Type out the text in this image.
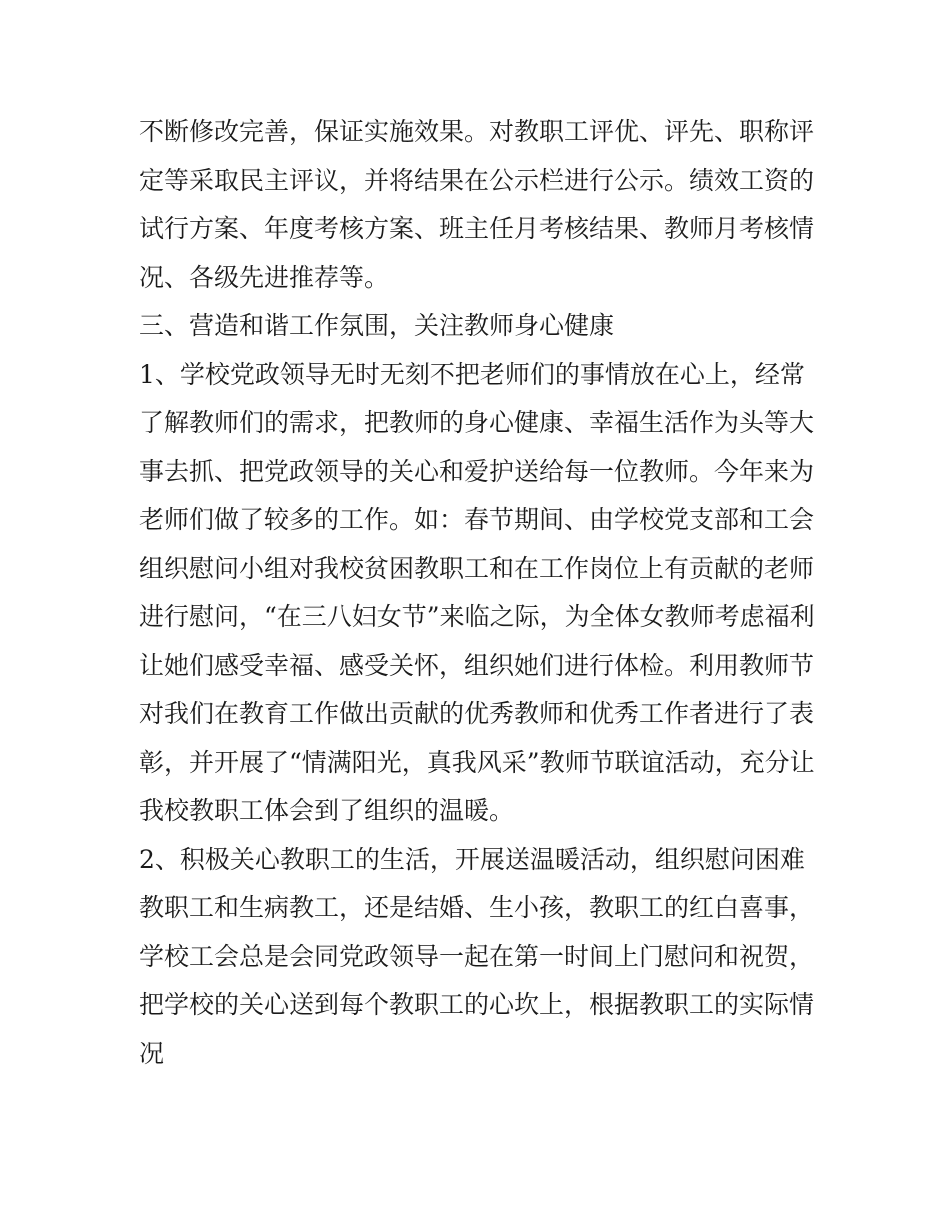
不断修改完善，保证实施效果。对教职工评优、评先、职称评
定等采取民主评议，并将结果在公示栏进行公示。绩效工资的
试行方案、年度考核方案、班主任月考核结果、教师月考核情
况、各级先进推荐等。
三、营造和谐工作氛围，关注教师身心健康
1、学校党政领导无时无刻不把老师们的事情放在心上，经常
了解教师们的需求，把教师的身心健康、幸福生活作为头等大
事去抓、把党政领导的关心和爱护送给每一位教师。今年来为
老师们做了较多的工作。如：春节期间、由学校党支部和工会
组织慰问小组对我校贫困教职工和在工作岗位上有贡献的老师
进行慰问，“在三八妇女节”来临之际，为全体女教师考虑福利
让她们感受幸福、感受关怀，组织她们进行体检。利用教师节
对我们在教育工作做出贡献的优秀教师和优秀工作者进行了表
彰，并开展了“情满阳光，真我风采”教师节联谊活动，充分让
我校教职工体会到了组织的温暖。
2、积极关心教职工的生活，开展送温暖活动，组织慰问困难
教职工和生病教工，还是结婚、生小孩，教职工的红白喜事，
学校工会总是会同党政领导一起在第一时间上门慰问和祝贺，
把学校的关心送到每个教职工的心坎上，根据教职工的实际情
况
